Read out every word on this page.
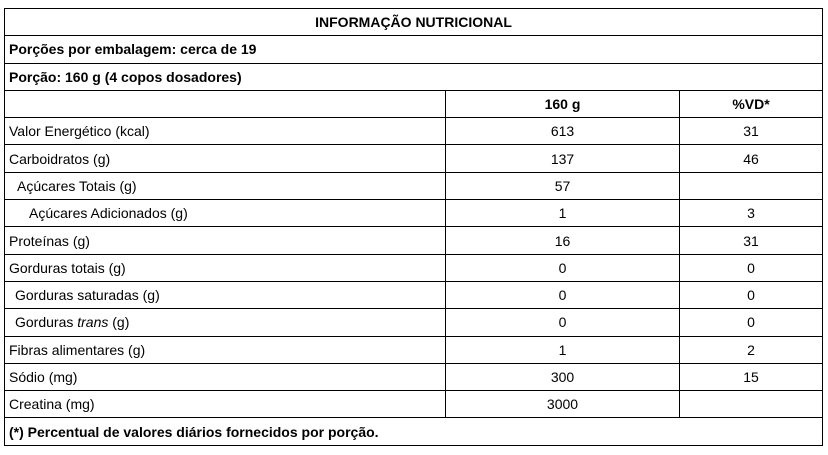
INFORMAÇÃO NUTRICIONAL		
Porções por embalagem: cerca de 19		
Porção: 160 g (4 copos dosadores)		
	160 g	%VD*
Valor Energético (kcal)	613	31
Carboidratos (g)	137	46
Açúcares Totais (g)	57	
Açúcares Adicionados (g)	1	3
Proteínas (g)	16	31
Gorduras totais (g)	0	0
Gorduras saturadas (g)	0	0
Gorduras trans (g)	0	0
Fibras alimentares (g)	1	2
Sódio (mg)	300	15
Creatina (mg)	3000	
(*) Percentual de valores diários fornecidos por porção.		
